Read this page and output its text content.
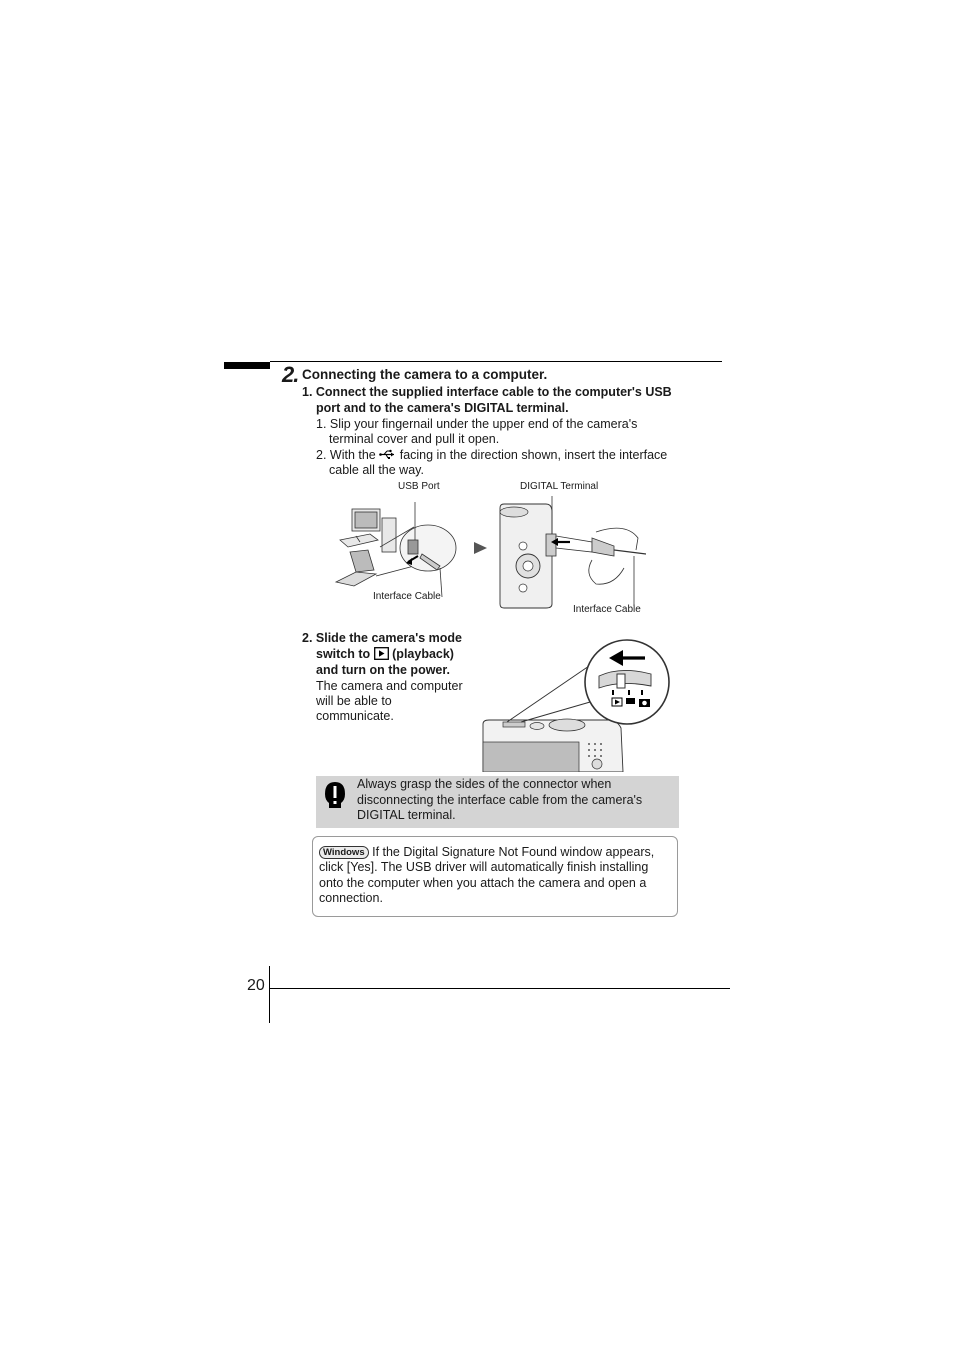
2. Connecting the camera to a computer.
1. Connect the supplied interface cable to the computer's USB
port and to the camera's DIGITAL terminal.
1. Slip your fingernail under the upper end of the camera's
terminal cover and pull it open.
2. With the facing in the direction shown, insert the interface
cable all the way.
USB Port	DIGITAL Terminal
Interface Cable
Interface Cable
2. Slide the camera's mode
switch to (playback)
and turn on the power.
The camera and computer
will be able to
communicate.
Always grasp the sides of the connector when
disconnecting the interface cable from the camera's
DIGITAL terminal.
Windows If the Digital Signature Not Found window appears,
click [Yes]. The USB driver will automatically finish installing
onto the computer when you attach the camera and open a
connection.
20
